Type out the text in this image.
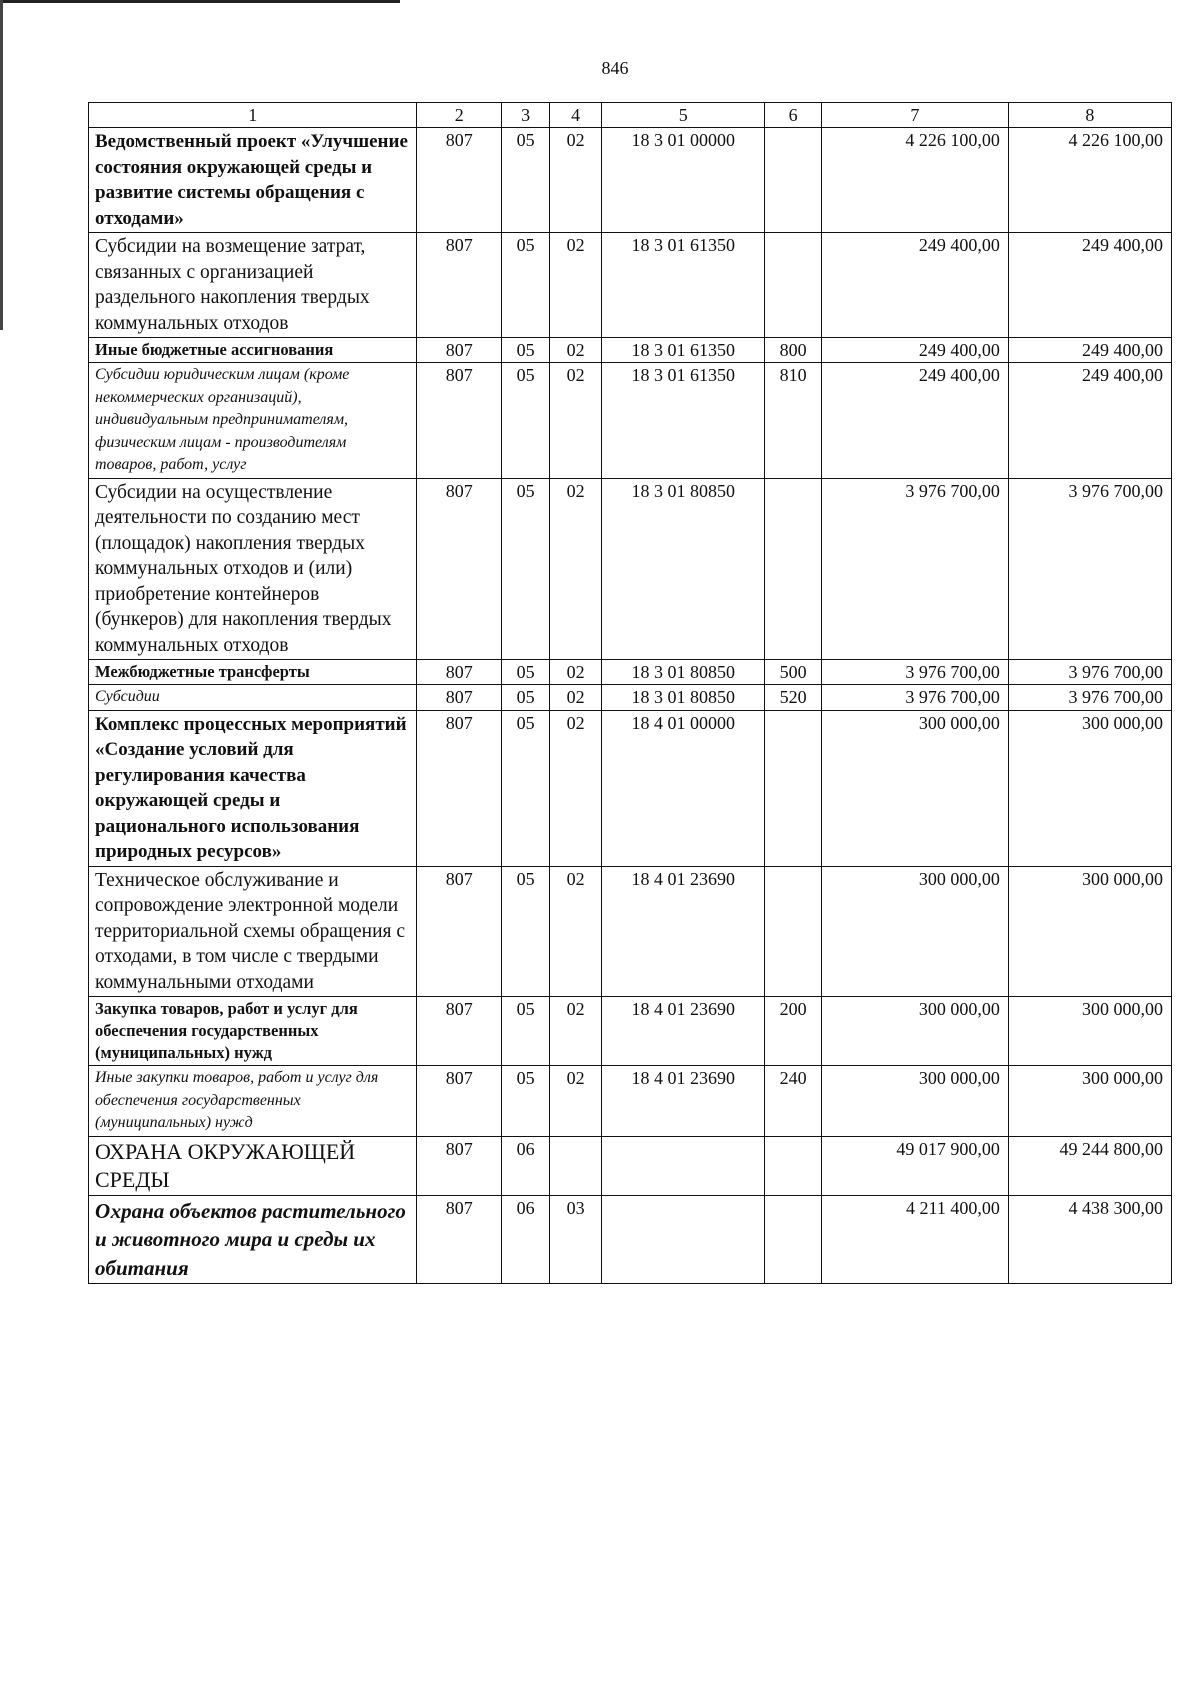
846
1	2	3	4	5	6	7	8

Ведомственный проект «Улучшение состояния окружающей среды и развитие системы обращения с отходами»	807	05	02	18 3 01 00000		4 226 100,00	4 226 100,00

Субсидии на возмещение затрат, связанных с организацией раздельного накопления твердых коммунальных отходов	807	05	02	18 3 01 61350		249 400,00	249 400,00

Иные бюджетные ассигнования	807	05	02	18 3 01 61350	800	249 400,00	249 400,00

Субсидии юридическим лицам (кроме некоммерческих организаций), индивидуальным предпринимателям, физическим лицам - производителям товаров, работ, услуг	807	05	02	18 3 01 61350	810	249 400,00	249 400,00

Субсидии на осуществление деятельности по созданию мест (площадок) накопления твердых коммунальных отходов и (или) приобретение контейнеров (бункеров) для накопления твердых коммунальных отходов	807	05	02	18 3 01 80850		3 976 700,00	3 976 700,00

Межбюджетные трансферты	807	05	02	18 3 01 80850	500	3 976 700,00	3 976 700,00

Субсидии	807	05	02	18 3 01 80850	520	3 976 700,00	3 976 700,00

Комплекс процессных мероприятий «Создание условий для регулирования качества окружающей среды и рационального использования природных ресурсов»	807	05	02	18 4 01 00000		300 000,00	300 000,00

Техническое обслуживание и сопровождение электронной модели территориальной схемы обращения с отходами, в том числе с твердыми коммунальными отходами	807	05	02	18 4 01 23690		300 000,00	300 000,00

Закупка товаров, работ и услуг для обеспечения государственных (муниципальных) нужд	807	05	02	18 4 01 23690	200	300 000,00	300 000,00

Иные закупки товаров, работ и услуг для обеспечения государственных (муниципальных) нужд	807	05	02	18 4 01 23690	240	300 000,00	300 000,00

ОХРАНА ОКРУЖАЮЩЕЙ СРЕДЫ	807	06				49 017 900,00	49 244 800,00

Охрана объектов растительного и животного мира и среды их обитания	807	06	03			4 211 400,00	4 438 300,00
